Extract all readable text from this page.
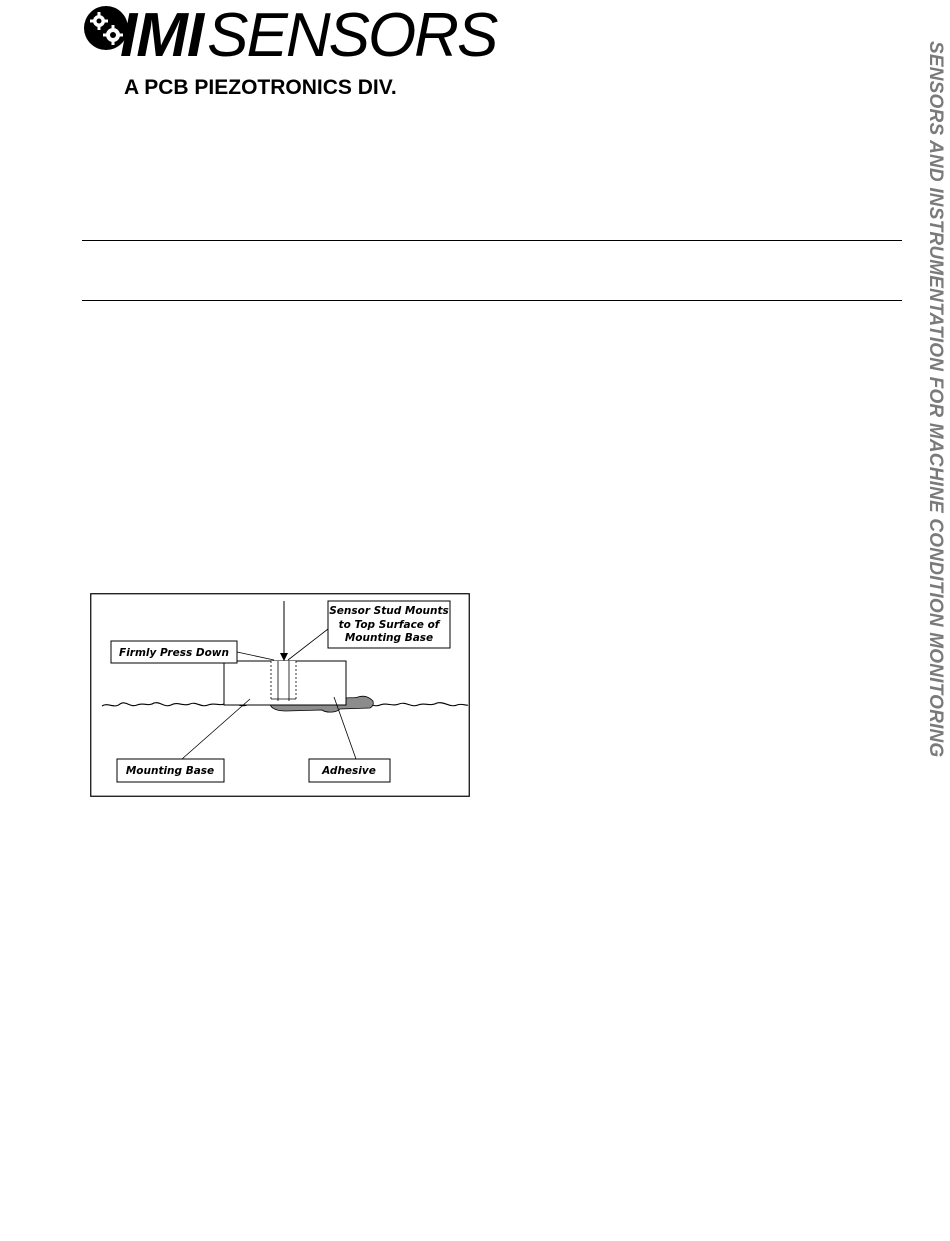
IMISENSORS
A PCB PIEZOTRONICS DIV.	SENSORS AND INSTRUMENTATION FOR MACHINE CONDITION MONITORING
Firmly Press Down
Sensor Stud Mounts
to Top Surface of
Mounting Base
Mounting Base	Adhesive
